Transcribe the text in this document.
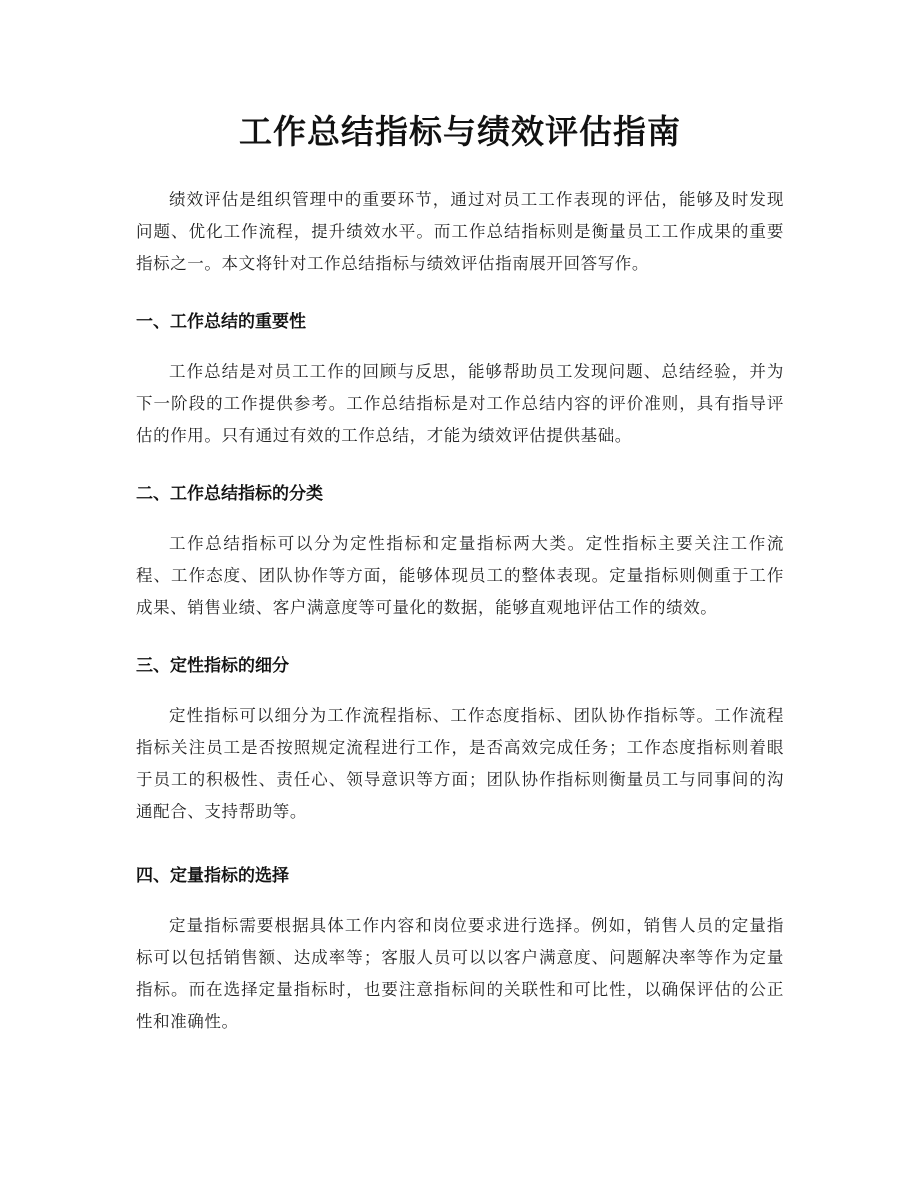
工作总结指标与绩效评估指南

绩效评估是组织管理中的重要环节，通过对员工工作表现的评估，能够及时发现问题、优化工作流程，提升绩效水平。而工作总结指标则是衡量员工工作成果的重要指标之一。本文将针对工作总结指标与绩效评估指南展开回答写作。

一、工作总结的重要性

工作总结是对员工工作的回顾与反思，能够帮助员工发现问题、总结经验，并为下一阶段的工作提供参考。工作总结指标是对工作总结内容的评价准则，具有指导评估的作用。只有通过有效的工作总结，才能为绩效评估提供基础。

二、工作总结指标的分类

工作总结指标可以分为定性指标和定量指标两大类。定性指标主要关注工作流程、工作态度、团队协作等方面，能够体现员工的整体表现。定量指标则侧重于工作成果、销售业绩、客户满意度等可量化的数据，能够直观地评估工作的绩效。

三、定性指标的细分

定性指标可以细分为工作流程指标、工作态度指标、团队协作指标等。工作流程指标关注员工是否按照规定流程进行工作，是否高效完成任务；工作态度指标则着眼于员工的积极性、责任心、领导意识等方面；团队协作指标则衡量员工与同事间的沟通配合、支持帮助等。

四、定量指标的选择

定量指标需要根据具体工作内容和岗位要求进行选择。例如，销售人员的定量指标可以包括销售额、达成率等；客服人员可以以客户满意度、问题解决率等作为定量指标。而在选择定量指标时，也要注意指标间的关联性和可比性，以确保评估的公正性和准确性。
